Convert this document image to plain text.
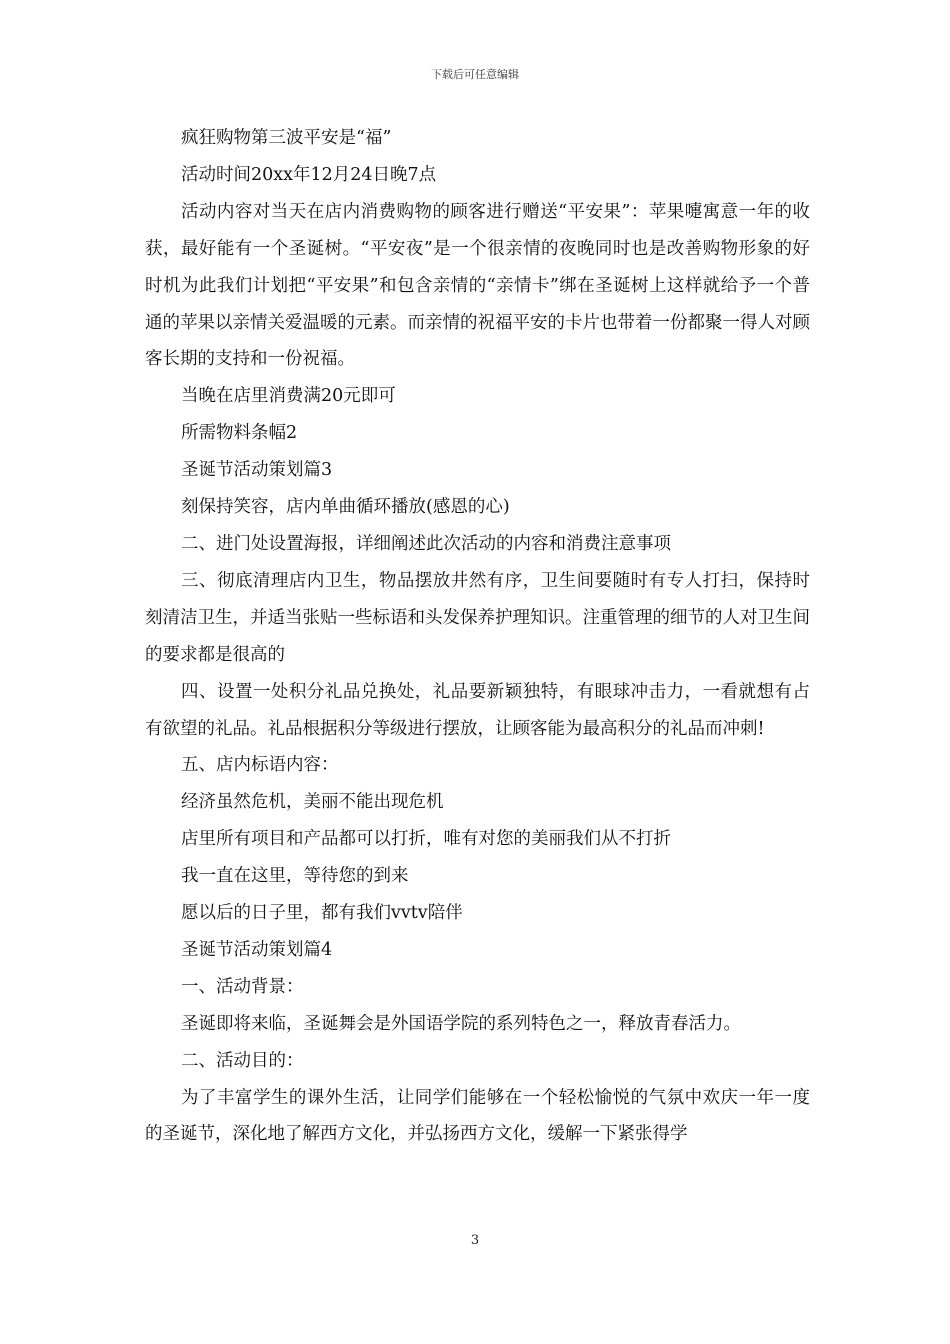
下载后可任意编辑

疯狂购物第三波平安是“福”

活动时间20xx年12月24日晚7点

活动内容对当天在店内消费购物的顾客进行赠送“平安果”：苹果嚏寓意一年的收获，最好能有一个圣诞树。“平安夜”是一个很亲情的夜晚同时也是改善购物形象的好时机为此我们计划把“平安果”和包含亲情的“亲情卡”绑在圣诞树上这样就给予一个普通的苹果以亲情关爱温暖的元素。而亲情的祝福平安的卡片也带着一份都聚一得人对顾客长期的支持和一份祝福。

当晚在店里消费满20元即可

所需物料条幅2

圣诞节活动策划篇3

刻保持笑容，店内单曲循环播放(感恩的心)

二、进门处设置海报，详细阐述此次活动的内容和消费注意事项

三、彻底清理店内卫生，物品摆放井然有序，卫生间要随时有专人打扫，保持时刻清洁卫生，并适当张贴一些标语和头发保养护理知识。注重管理的细节的人对卫生间的要求都是很高的

四、设置一处积分礼品兑换处，礼品要新颖独特，有眼球冲击力，一看就想有占有欲望的礼品。礼品根据积分等级进行摆放，让顾客能为最高积分的礼品而冲刺!

五、店内标语内容：

经济虽然危机，美丽不能出现危机

店里所有项目和产品都可以打折，唯有对您的美丽我们从不打折

我一直在这里，等待您的到来

愿以后的日子里，都有我们vvtv陪伴

圣诞节活动策划篇4

一、活动背景：

圣诞即将来临，圣诞舞会是外国语学院的系列特色之一，释放青春活力。

二、活动目的：

为了丰富学生的课外生活，让同学们能够在一个轻松愉悦的气氛中欢庆一年一度的圣诞节，深化地了解西方文化，并弘扬西方文化，缓解一下紧张得学

3
